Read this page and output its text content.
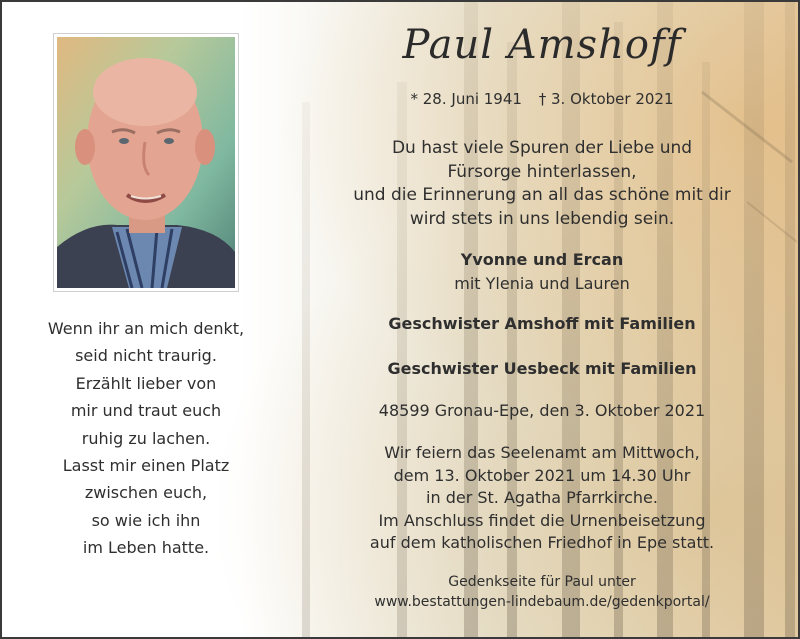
Paul Amshoff
* 28. Juni 1941 † 3. Oktober 2021
Du hast viele Spuren der Liebe und
Fürsorge hinterlassen,
und die Erinnerung an all das schöne mit dir
wird stets in uns lebendig sein.
Yvonne und Ercan
mit Ylenia und Lauren
Geschwister Amshoff mit Familien
Geschwister Uesbeck mit Familien
48599 Gronau-Epe, den 3. Oktober 2021
Wir feiern das Seelenamt am Mittwoch,
dem 13. Oktober 2021 um 14.30 Uhr
in der St. Agatha Pfarrkirche.
Im Anschluss findet die Urnenbeisetzung
auf dem katholischen Friedhof in Epe statt.
Gedenkseite für Paul unter
www.bestattungen-lindebaum.de/gedenkportal/
Wenn ihr an mich denkt,
seid nicht traurig.
Erzählt lieber von
mir und traut euch
ruhig zu lachen.
Lasst mir einen Platz
zwischen euch,
so wie ich ihn
im Leben hatte.
